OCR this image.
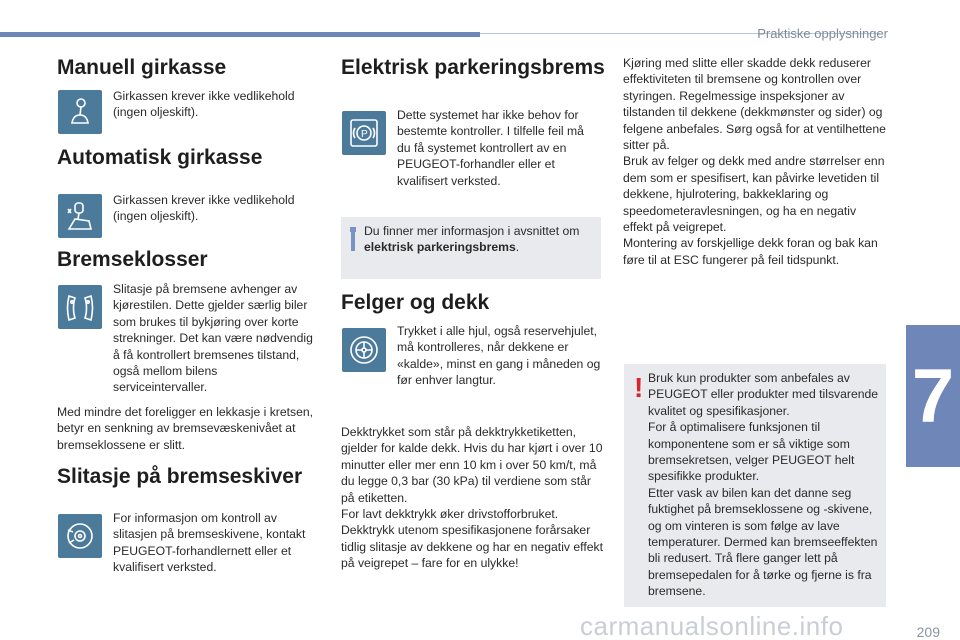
Praktiske opplysninger
Manuell girkasse
Girkassen krever ikke vedlikehold (ingen oljeskift).
Automatisk girkasse
Girkassen krever ikke vedlikehold (ingen oljeskift).
Bremseklosser
Slitasje på bremsene avhenger av kjørestilen. Dette gjelder særlig biler som brukes til bykjøring over korte strekninger. Det kan være nødvendig å få kontrollert bremsenes tilstand, også mellom bilens serviceintervaller.
Med mindre det foreligger en lekkasje i kretsen, betyr en senkning av bremsevæskenivået at bremseklossene er slitt.
Slitasje på bremseskiver
For informasjon om kontroll av slitasjen på bremseskivene, kontakt PEUGEOT-forhandlernett eller et kvalifisert verksted.
Elektrisk parkeringsbrems
P
Dette systemet har ikke behov for bestemte kontroller. I tilfelle feil må du få systemet kontrollert av en PEUGEOT-forhandler eller et kvalifisert verksted.
Du finner mer informasjon i avsnittet om elektrisk parkeringsbrems.
Felger og dekk
Trykket i alle hjul, også reservehjulet, må kontrolleres, når dekkene er «kalde», minst en gang i måneden og før enhver langtur.
Dekktrykket som står på dekktrykketiketten, gjelder for kalde dekk. Hvis du har kjørt i over 10 minutter eller mer enn 10 km i over 50 km/t, må du legge 0,3 bar (30 kPa) til verdiene som står på etiketten.
For lavt dekktrykk øker drivstofforbruket.
Dekktrykk utenom spesifikasjonene forårsaker tidlig slitasje av dekkene og har en negativ effekt på veigrepet – fare for en ulykke!
Kjøring med slitte eller skadde dekk reduserer effektiviteten til bremsene og kontrollen over styringen. Regelmessige inspeksjoner av tilstanden til dekkene (dekkmønster og sider) og felgene anbefales. Sørg også for at ventilhettene sitter på.
Bruk av felger og dekk med andre størrelser enn dem som er spesifisert, kan påvirke levetiden til dekkene, hjulrotering, bakkeklaring og speedometeravlesningen, og ha en negativ effekt på veigrepet.
Montering av forskjellige dekk foran og bak kan føre til at ESC fungerer på feil tidspunkt.
! Bruk kun produkter som anbefales av PEUGEOT eller produkter med tilsvarende kvalitet og spesifikasjoner.
For å optimalisere funksjonen til komponentene som er så viktige som bremsekretsen, velger PEUGEOT helt spesifikke produkter.
Etter vask av bilen kan det danne seg fuktighet på bremseklossene og -skivene, og om vinteren is som følge av lave temperaturer. Dermed kan bremseeffekten bli redusert. Trå flere ganger lett på bremsepedalen for å tørke og fjerne is fra bremsene.
7
carmanualsonline.info	209
